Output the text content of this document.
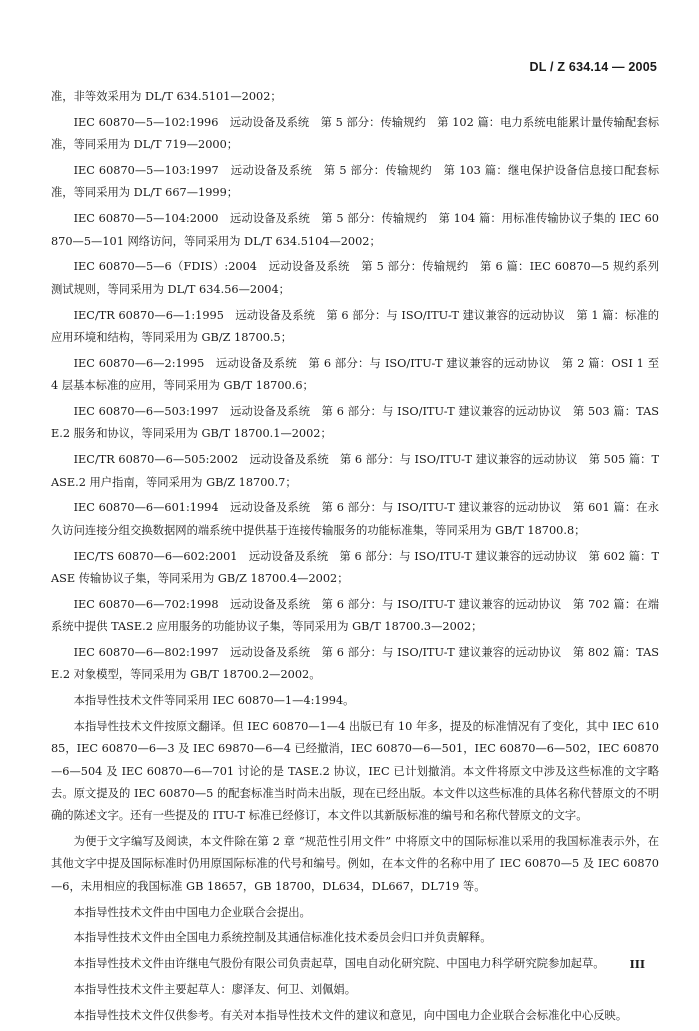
DL / Z 634.14 — 2005

准，非等效采用为 DL/T 634.5101—2002；

IEC 60870—5—102:1996　远动设备及系统　第 5 部分：传输规约　第 102 篇：电力系统电能累计量传输配套标准，等同采用为 DL/T 719—2000；

IEC 60870—5—103:1997　远动设备及系统　第 5 部分：传输规约　第 103 篇：继电保护设备信息接口配套标准，等同采用为 DL/T 667—1999；

IEC 60870—5—104:2000　远动设备及系统　第 5 部分：传输规约　第 104 篇：用标准传输协议子集的 IEC 60870—5—101 网络访问，等同采用为 DL/T 634.5104—2002；

IEC 60870—5—6（FDIS）:2004　远动设备及系统　第 5 部分：传输规约　第 6 篇：IEC 60870—5 规约系列测试规则，等同采用为 DL/T 634.56—2004；

IEC/TR 60870—6—1:1995　远动设备及系统　第 6 部分：与 ISO/ITU-T 建议兼容的远动协议　第 1 篇：标准的应用环境和结构，等同采用为 GB/Z 18700.5；

IEC 60870—6—2:1995　远动设备及系统　第 6 部分：与 ISO/ITU-T 建议兼容的远动协议　第 2 篇：OSI 1 至 4 层基本标准的应用，等同采用为 GB/T 18700.6；

IEC 60870—6—503:1997　远动设备及系统　第 6 部分：与 ISO/ITU-T 建议兼容的远动协议　第 503 篇：TASE.2 服务和协议，等同采用为 GB/T 18700.1—2002；

IEC/TR 60870—6—505:2002　远动设备及系统　第 6 部分：与 ISO/ITU-T 建议兼容的远动协议　第 505 篇：TASE.2 用户指南，等同采用为 GB/Z 18700.7；

IEC 60870—6—601:1994　远动设备及系统　第 6 部分：与 ISO/ITU-T 建议兼容的远动协议　第 601 篇：在永久访问连接分组交换数据网的端系统中提供基于连接传输服务的功能标准集，等同采用为 GB/T 18700.8；

IEC/TS 60870—6—602:2001　远动设备及系统　第 6 部分：与 ISO/ITU-T 建议兼容的远动协议　第 602 篇：TASE 传输协议子集，等同采用为 GB/Z 18700.4—2002；

IEC 60870—6—702:1998　远动设备及系统　第 6 部分：与 ISO/ITU-T 建议兼容的远动协议　第 702 篇：在端系统中提供 TASE.2 应用服务的功能协议子集，等同采用为 GB/T 18700.3—2002；

IEC 60870—6—802:1997　远动设备及系统　第 6 部分：与 ISO/ITU-T 建议兼容的远动协议　第 802 篇：TASE.2 对象模型，等同采用为 GB/T 18700.2—2002。

本指导性技术文件等同采用 IEC 60870—1—4:1994。

本指导性技术文件按原文翻译。但 IEC 60870—1—4 出版已有 10 年多，提及的标准情况有了变化，其中 IEC 61085，IEC 60870—6—3 及 IEC 69870—6—4 已经撤消，IEC 60870—6—501，IEC 60870—6—502，IEC 60870—6—504 及 IEC 60870—6—701 讨论的是 TASE.2 协议，IEC 已计划撤消。本文件将原文中涉及这些标准的文字略去。原文提及的 IEC 60870—5 的配套标准当时尚未出版，现在已经出版。本文件以这些标准的具体名称代替原文的不明确的陈述文字。还有一些提及的 ITU-T 标准已经修订，本文件以其新版标准的编号和名称代替原文的文字。

为便于文字编写及阅读，本文件除在第 2 章 “规范性引用文件” 中将原文中的国际标准以采用的我国标准表示外，在其他文字中提及国际标准时仍用原国际标准的代号和编号。例如，在本文件的名称中用了 IEC 60870—5 及 IEC 60870—6，未用相应的我国标准 GB 18657，GB 18700，DL634，DL667，DL719 等。

本指导性技术文件由中国电力企业联合会提出。

本指导性技术文件由全国电力系统控制及其通信标准化技术委员会归口并负责解释。

本指导性技术文件由许继电气股份有限公司负责起草，国电自动化研究院、中国电力科学研究院参加起草。

本指导性技术文件主要起草人：廖泽友、何卫、刘佩娟。

本指导性技术文件仅供参考。有关对本指导性技术文件的建议和意见，向中国电力企业联合会标准化中心反映。

III
